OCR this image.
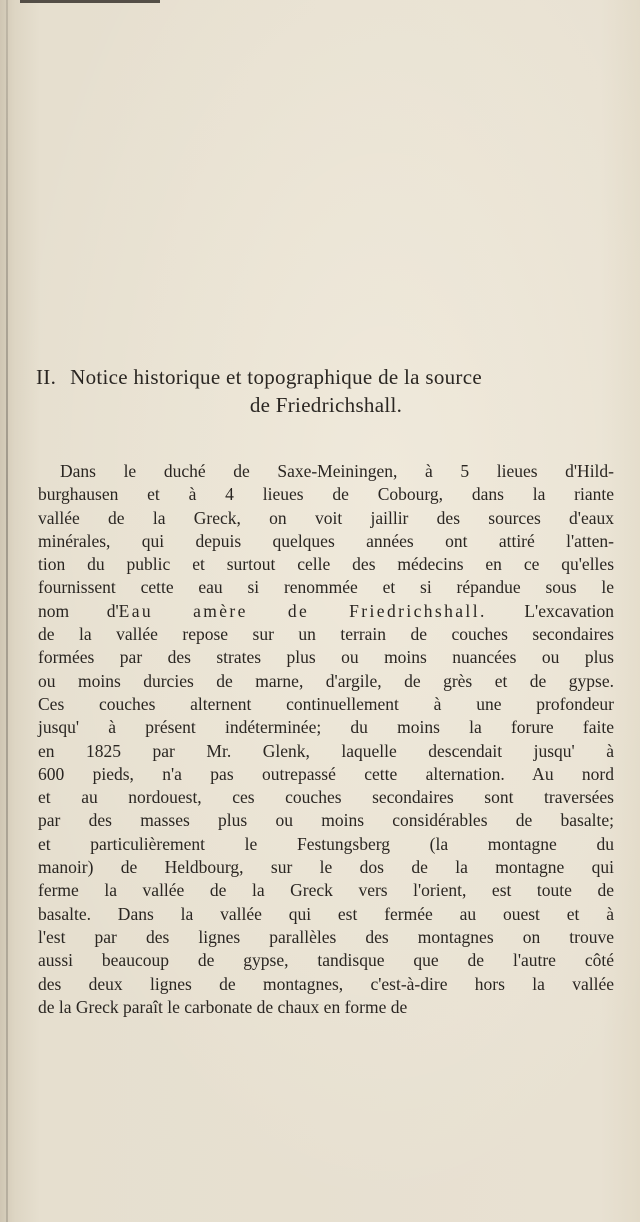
II. Notice historique et topographique de la source
de Friedrichshall.
Dans le duché de Saxe-Meiningen, à 5 lieues d'Hild-
burghausen et à 4 lieues de Cobourg, dans la riante
vallée de la Greck, on voit jaillir des sources d'eaux
minérales, qui depuis quelques années ont attiré l'atten-
tion du public et surtout celle des médecins en ce qu'elles
fournissent cette eau si renommée et si répandue sous le
nom d'Eau amère de Friedrichshall. L'excavation
de la vallée repose sur un terrain de couches secondaires
formées par des strates plus ou moins nuancées ou plus
ou moins durcies de marne, d'argile, de grès et de gypse.
Ces couches alternent continuellement à une profondeur
jusqu' à présent indéterminée; du moins la forure faite
en 1825 par Mr. Glenk, laquelle descendait jusqu' à
600 pieds, n'a pas outrepassé cette alternation. Au nord
et au nordouest, ces couches secondaires sont traversées
par des masses plus ou moins considérables de basalte;
et particulièrement le Festungsberg (la montagne du
manoir) de Heldbourg, sur le dos de la montagne qui
ferme la vallée de la Greck vers l'orient, est toute de
basalte. Dans la vallée qui est fermée au ouest et à
l'est par des lignes parallèles des montagnes on trouve
aussi beaucoup de gypse, tandisque que de l'autre côté
des deux lignes de montagnes, c'est-à-dire hors la vallée
de la Greck paraît le carbonate de chaux en forme de
